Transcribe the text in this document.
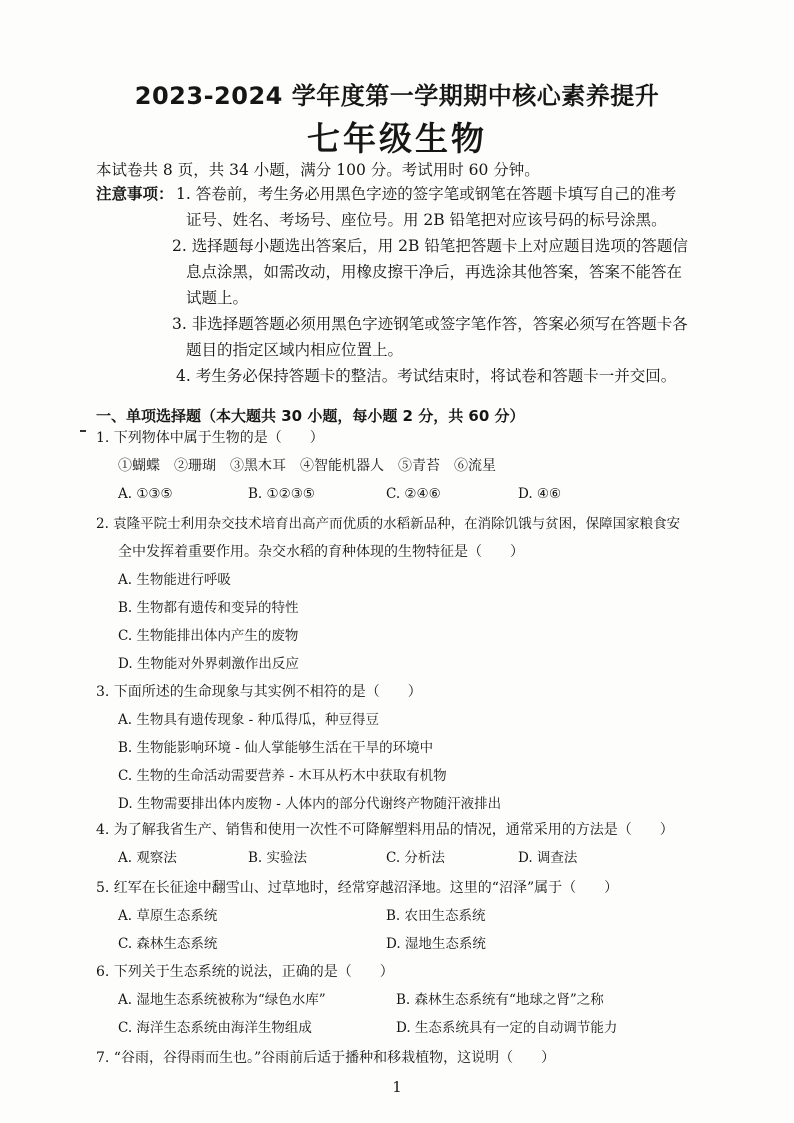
2023-2024 学年度第一学期期中核心素养提升
七年级生物
本试卷共 8 页，共 34 小题，满分 100 分。考试用时 60 分钟。
注意事项： 1. 答卷前，考生务必用黑色字迹的签字笔或钢笔在答题卡填写自己的准考
证号、姓名、考场号、座位号。用 2B 铅笔把对应该号码的标号涂黑。
2. 选择题每小题选出答案后，用 2B 铅笔把答题卡上对应题目选项的答题信
息点涂黑，如需改动，用橡皮擦干净后，再选涂其他答案，答案不能答在
试题上。
3. 非选择题答题必须用黑色字迹钢笔或签字笔作答，答案必须写在答题卡各
题目的指定区域内相应位置上。
4. 考生务必保持答题卡的整洁。考试结束时，将试卷和答题卡一并交回。
一、单项选择题（本大题共 30 小题，每小题 2 分，共 60 分）
1. 下列物体中属于生物的是（　　）
①蝴蝶　②珊瑚　③黑木耳　④智能机器人　⑤青苔　⑥流星
A. ①③⑤	B. ①②③⑤	C. ②④⑥	D. ④⑥
2. 袁隆平院士利用杂交技术培育出高产而优质的水稻新品种，在消除饥饿与贫困，保障国家粮食安
全中发挥着重要作用。杂交水稻的育种体现的生物特征是（　　）
A. 生物能进行呼吸
B. 生物都有遗传和变异的特性
C. 生物能排出体内产生的废物
D. 生物能对外界刺激作出反应
3. 下面所述的生命现象与其实例不相符的是（　　）
A. 生物具有遗传现象 - 种瓜得瓜，种豆得豆
B. 生物能影响环境 - 仙人掌能够生活在干旱的环境中
C. 生物的生命活动需要营养 - 木耳从朽木中获取有机物
D. 生物需要排出体内废物 - 人体内的部分代谢终产物随汗液排出
4. 为了解我省生产、销售和使用一次性不可降解塑料用品的情况，通常采用的方法是（　　）
A. 观察法	B. 实验法	C. 分析法	D. 调查法
5. 红军在长征途中翻雪山、过草地时，经常穿越沼泽地。这里的“沼泽”属于（　　）
A. 草原生态系统	B. 农田生态系统
C. 森林生态系统	D. 湿地生态系统
6. 下列关于生态系统的说法，正确的是（　　）
A. 湿地生态系统被称为“绿色水库”	B. 森林生态系统有“地球之肾”之称
C. 海洋生态系统由海洋生物组成	D. 生态系统具有一定的自动调节能力
7. “谷雨，谷得雨而生也。”谷雨前后适于播种和移栽植物，这说明（　　）
1
